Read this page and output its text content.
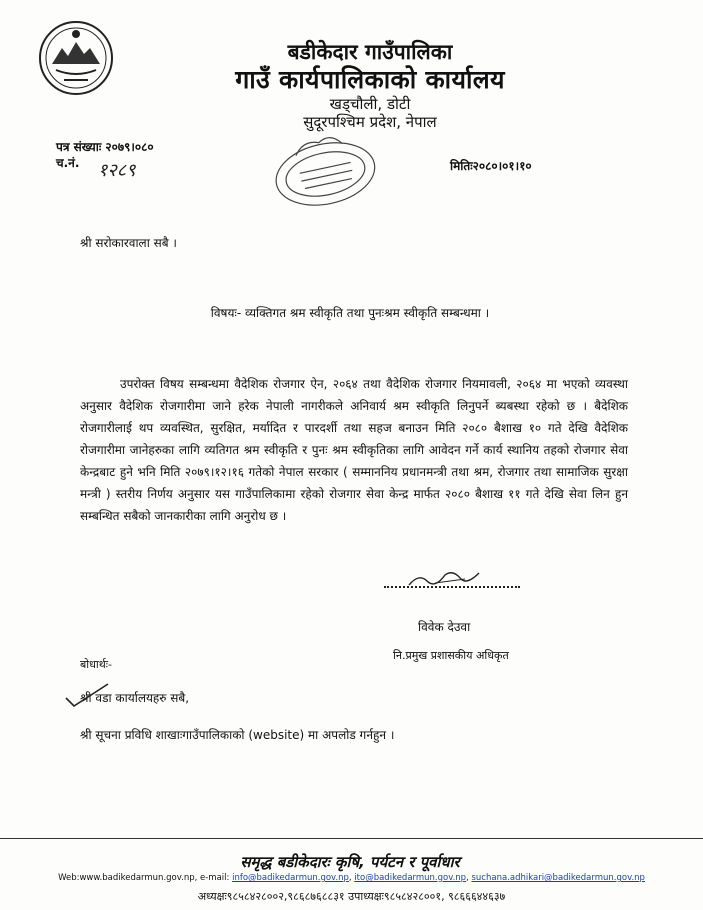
बडीकेदार गाउँपालिका
गाउँ कार्यपालिकाको कार्यालय
खड्चौली, डोटी
सुदूरपश्चिम प्रदेश, नेपाल
पत्र संख्याः २०७९।०८०
च.नं. १२८९	मितिः२०८०।०१।१०
श्री सरोकारवाला सबै ।
विषयः- व्यक्तिगत श्रम स्वीकृति तथा पुनःश्रम स्वीकृति सम्बन्धमा ।
उपरोक्त विषय सम्बन्धमा वैदेशिक रोजगार ऐन, २०६४ तथा वैदेशिक रोजगार नियमावली, २०६४ मा भएको व्यवस्था अनुसार वैदेशिक रोजगारीमा जाने हरेक नेपाली नागरीकले अनिवार्य श्रम स्वीकृति लिनुपर्ने ब्यबस्था रहेको छ । बैदेशिक रोजगारीलाई थप व्यवस्थित, सुरक्षित, मर्यादित र पारदर्शी तथा सहज बनाउन मिति २०८० बैशाख १० गते देखि वैदेशिक रोजगारीमा जानेहरुका लागि व्यतिगत श्रम स्वीकृति र पुनः श्रम स्वीकृतिका लागि आवेदन गर्ने कार्य स्थानिय तहको रोजगार सेवा केन्द्रबाट हुने भनि मिति २०७९।१२।१६ गतेको नेपाल सरकार ( सम्माननिय प्रधानमन्त्री तथा श्रम, रोजगार तथा सामाजिक सुरक्षा मन्त्री ) स्तरीय निर्णय अनुसार यस गाउँपालिकामा रहेको रोजगार सेवा केन्द्र मार्फत २०८० बैशाख ११ गते देखि सेवा लिन हुन सम्बन्धित सबैको जानकारीका लागि अनुरोध छ ।
विवेक देउवा
नि.प्रमुख प्रशासकीय अधिकृत
बोधार्थः-
श्री वडा कार्यालयहरु सबै,
श्री सूचना प्रविधि शाखाःगाउँपालिकाको (website) मा अपलोड गर्नहुन ।
समृद्ध बडीकेदारः कृषि, पर्यटन र पूर्वाधार
Web:www.badikedarmun.gov.np, e-mail: info@badikedarmun.gov.np, ito@badikedarmun.gov.np, suchana.adhikari@badikedarmun.gov.np
अध्यक्षः९८५८४२८००२,९८६८७६८८३१ उपाध्यक्षः९८५८४२८००१, ९८६६६४४६३७
